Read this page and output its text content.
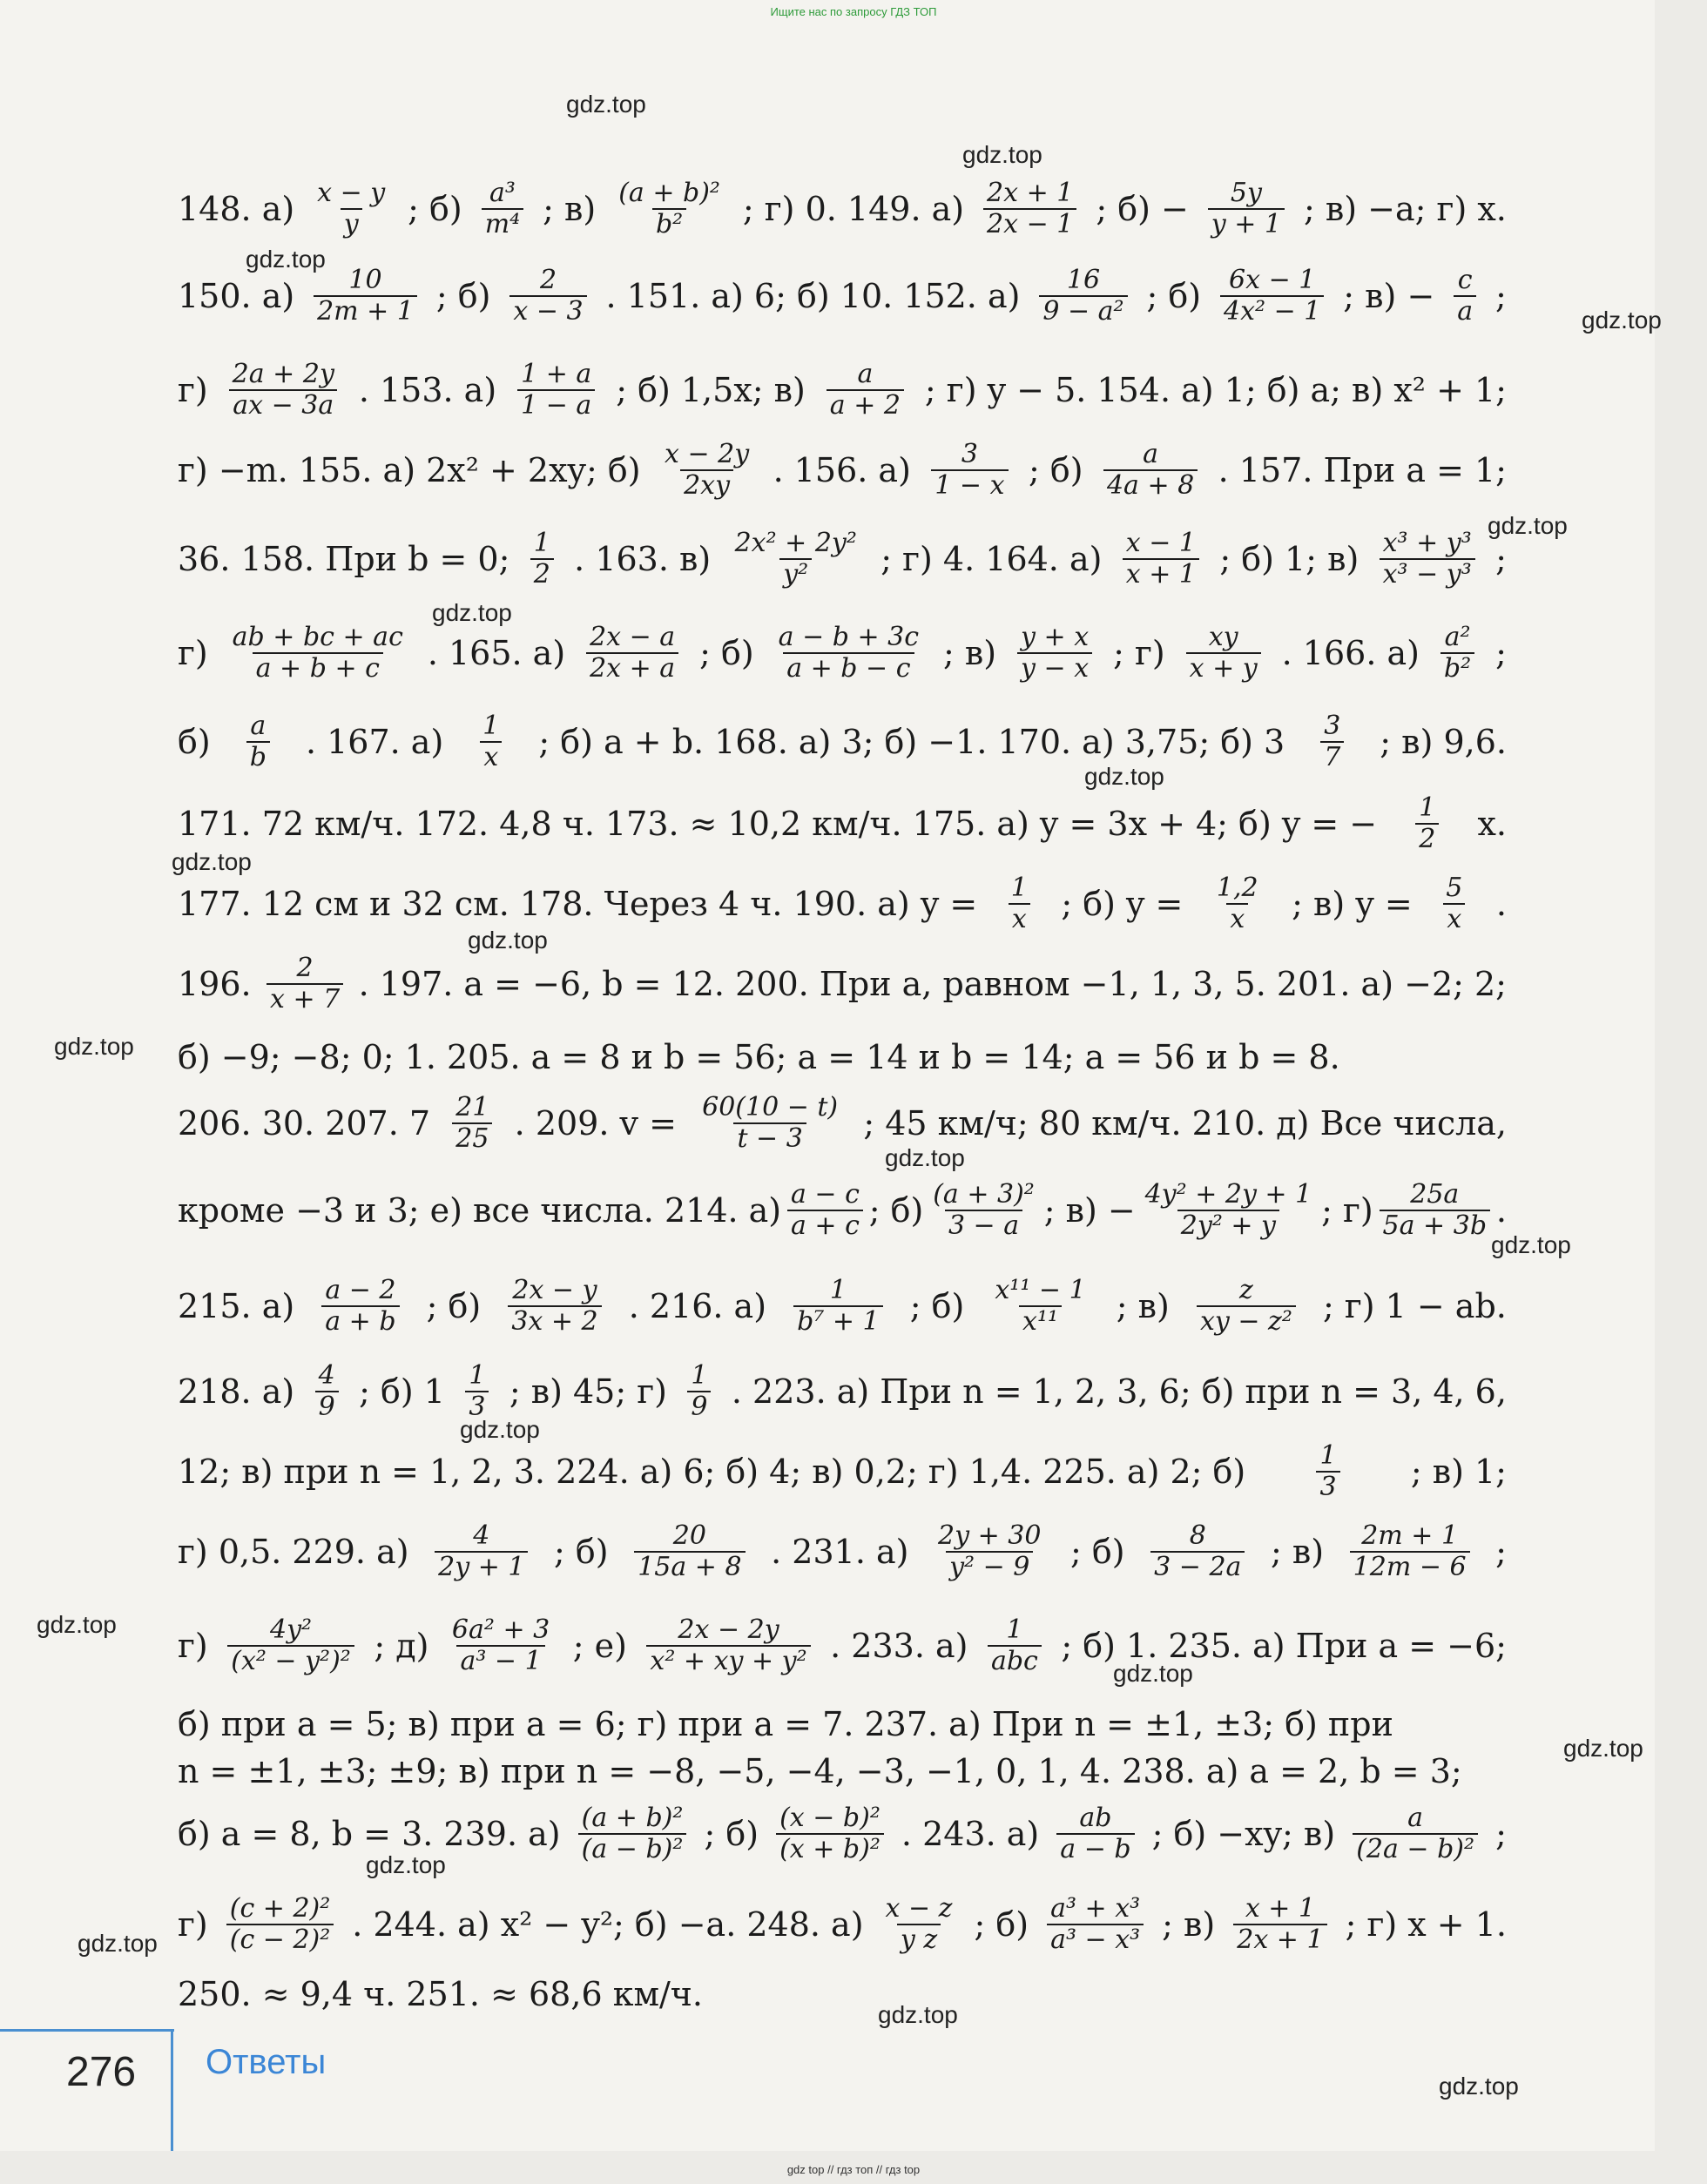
Ищите нас по запросу ГДЗ ТОП
gdz.top
gdz.top
gdz.top
gdz.top
gdz.top
gdz.top
gdz.top
gdz.top
gdz.top
gdz.top
gdz.top
gdz.top
gdz.top
gdz.top
gdz.top
gdz.top
gdz.top
gdz.top
gdz.top
gdz.top
148. $а) \frac{x - y}{y}$ ; $б) \frac{\text{a³}}{\text{m⁴}}$ ; $в) \frac{\text{(a + b)²}}{\text{b²}}$ ; г) 0. 149. $а) \frac{2x + 1}{2x - 1}$ ; $б) - \frac{5y}{y + 1}$ ; в) −a; г) x.
150. $а) \frac{10}{2m + 1}$ ; $б) \frac{2}{x - 3}$ . 151. а) 6; б) 10. 152. $а) \frac{16}{\text{9 − a²}}$ ; $б) \frac{6x - 1}{\text{4x² − 1}}$ ; $в) - \frac{c}{a}$ ;
$г) \frac{2a + 2y}{ax - 3a}$ . 153. $а) \frac{1 + a}{1 - a}$ ; б) 1,5x; $в) \frac{a}{a + 2}$ ; г) y − 5. 154. а) 1; б) a; в) x² + 1;
г) −m. 155. а) 2x² + 2xy; $б) \frac{x - 2y}{2xy}$ . 156. $а) \frac{3}{1 - x}$ ; $б) \frac{a}{4a + 8}$ . 157. При a = 1;
36. 158. При b = 0; $\frac{1}{2}$ . 163. $в) \frac{\text{2x² + 2y²}}{\text{y²}}$ ; г) 4. 164. $а) \frac{x - 1}{x + 1}$ ; б) 1; $в) \frac{\text{x³ + y³}}{\text{x³ − y³}}$ ;
$г) \frac{ab + bc + ac}{a + b + c}$ . 165. $а) \frac{2x - a}{2x + a}$ ; $б) \frac{a - b + 3c}{a + b - c}$ ; $в) \frac{y + x}{y - x}$ ; $г) \frac{xy}{x + y}$ . 166. $а) \frac{\text{a²}}{\text{b²}}$ ;
$б) \frac{a}{b}$ . 167. $а) \frac{1}{x}$ ; б) a + b. 168. а) 3; б) −1. 170. а) 3,75; б) $3 \frac{3}{7}$ ; в) 9,6.
171. 72 км/ч. 172. 4,8 ч. 173. ≈ 10,2 км/ч. 175. а) y = 3x + 4; б) y = − $\frac{1}{2} x$.
177. 12 см и 32 см. 178. Через 4 ч. 190. а) $y = \frac{1}{x}$ ; б) $y = \frac{1,2}{x}$ ; в) $y = \frac{5}{x}$ .
196. $\frac{2}{x + 7}$ . 197. a = −6, b = 12. 200. При a, равном −1, 1, 3, 5. 201. а) −2; 2;
б) −9; −8; 0; 1. 205. a = 8 и b = 56; a = 14 и b = 14; a = 56 и b = 8.
206. 30. 207. $7 \frac{21}{25}$ . 209. $v = \frac{60(10 - t)}{t - 3}$ ; 45 км/ч; 80 км/ч. 210. д) Все числа,
кроме −3 и 3; е) все числа. 214. $а) \frac{a - c}{a + c}$ ; $б) \frac{\text{(a + 3)²}}{3 - a}$ ; $в) - \frac{\text{4y² + 2y + 1}}{\text{2y² + y}}$ ; $г) \frac{25a}{5a + 3b}$ .
215. $а) \frac{a - 2}{a + b}$ ; $б) \frac{2x - y}{3x + 2}$ . 216. $а) \frac{1}{\text{b⁷ + 1}}$ ; $б) \frac{\text{x¹¹ − 1}}{\text{x¹¹}}$ ; $в) \frac{z}{\text{xy − z²}}$ ; г) 1 − ab.
218. $а) \frac{4}{9}$ ; б) $1 \frac{1}{3}$ ; в) 45; $г) \frac{1}{9}$ . 223. а) При n = 1, 2, 3, 6; б) при n = 3, 4, 6,
12; в) при n = 1, 2, 3. 224. а) 6; б) 4; в) 0,2; г) 1,4. 225. а) 2; б)	$\frac{1}{3}$ ; в) 1;
г) 0,5. 229. $а) \frac{4}{2y + 1}$ ; $б) \frac{20}{15a + 8}$ . 231. $а) \frac{2y + 30}{\text{y² − 9}}$ ; $б) \frac{8}{3 - 2a}$ ; $в) \frac{2m + 1}{12m - 6}$ ;
$г) \frac{\text{4y²}}{\text{(x² − y²)²}}$ ; $д) \frac{\text{6a² + 3}}{\text{a³ − 1}}$ ; $е) \frac{2x - 2y}{\text{x² + xy + y²}}$ . 233. а) 1
abc ; б) 1. 235. а) При a = −6;
б) при a = 5; в) при a = 6; г) при a = 7. 237. а) При n = ±1, ±3; б) при
n = ±1, ±3; ±9; в) при n = −8, −5, −4, −3, −1, 0, 1, 4. 238. а) a = 2, b = 3;
б) a = 8, b = 3. 239. $а) \frac{\text{(a + b)²}}{\text{(a − b)²}}$ ; $б) \frac{\text{(x − b)²}}{\text{(x + b)²}}$ . 243. $а) \frac{ab}{a - b}$ ; б) −xy; $в) \frac{a}{\text{(2a − b)²}}$ ;
$г) \frac{\text{(c + 2)²}}{\text{(c − 2)²}}$ . 244. а) x² − y²; б) −a. 248. $а) \frac{x - z}{\text{y z}}$ ; $б) \frac{\text{a³ + x³}}{\text{a³ − x³}}$ ; $в) \frac{x + 1}{2x + 1}$ ; г) x + 1.
250. ≈ 9,4 ч. 251. ≈ 68,6 км/ч.
276 Ответы
gdz top // гдз топ // гдз top
